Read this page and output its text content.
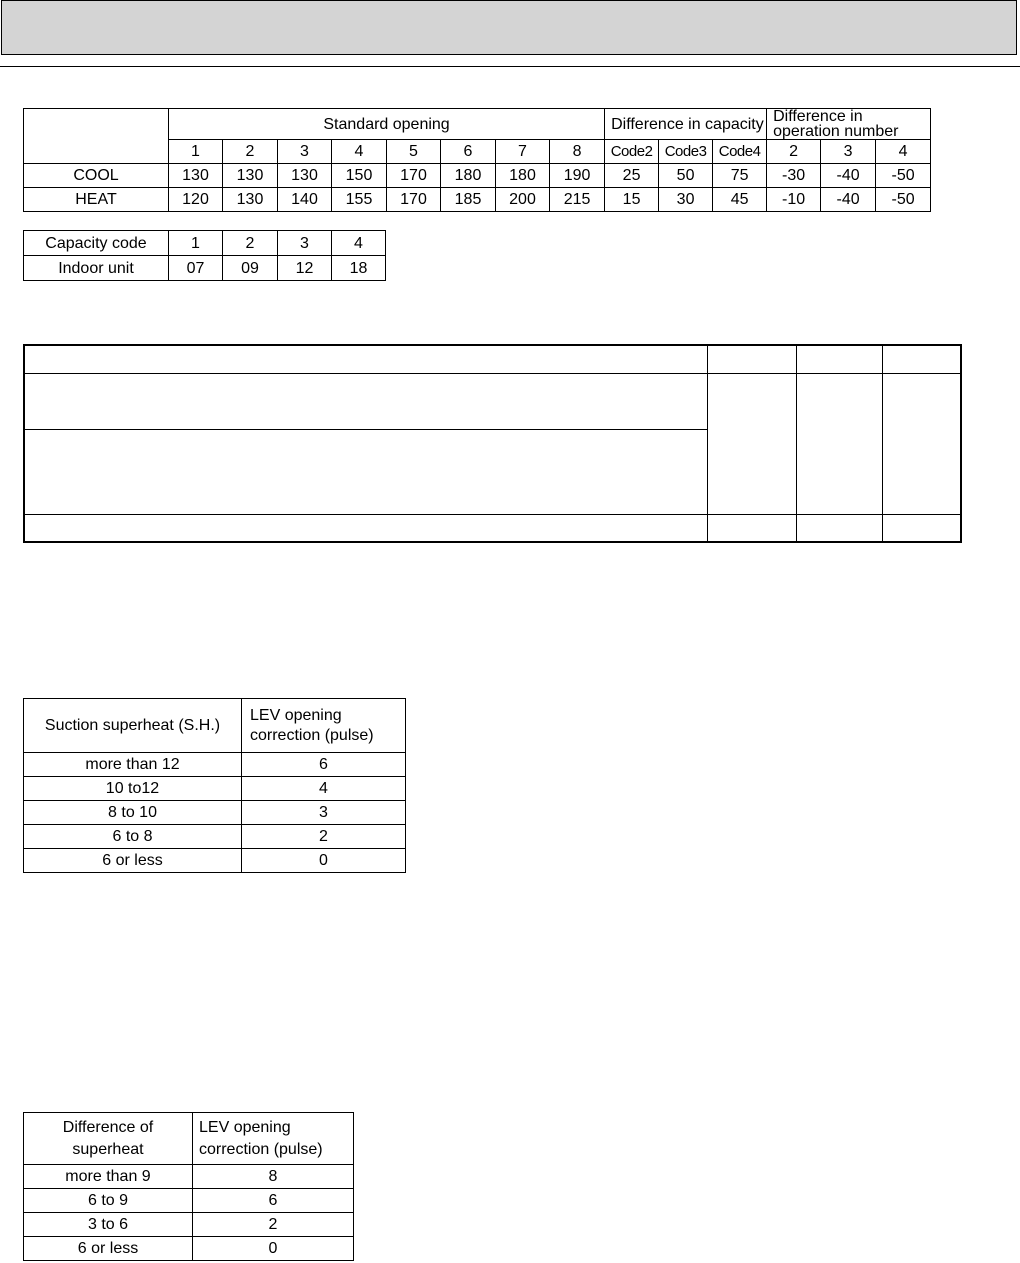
	Standard opening								Difference in capacity			Difference in operation number		
	1	2	3	4	5	6	7	8	Code2	Code3	Code4	2	3	4
COOL	130	130	130	150	170	180	180	190	25	50	75	-30	-40	-50
HEAT	120	130	140	155	170	185	200	215	15	30	45	-10	-40	-50
Capacity code	1	2	3	4
Indoor unit	07	09	12	18

Suction superheat (S.H.)	LEV opening correction (pulse)
more than 12	6
10 to12	4
8 to 10	3
6 to 8	2
6 or less	0
Difference of superheat	LEV opening correction (pulse)
more than 9	8
6 to 9	6
3 to 6	2
6 or less	0
